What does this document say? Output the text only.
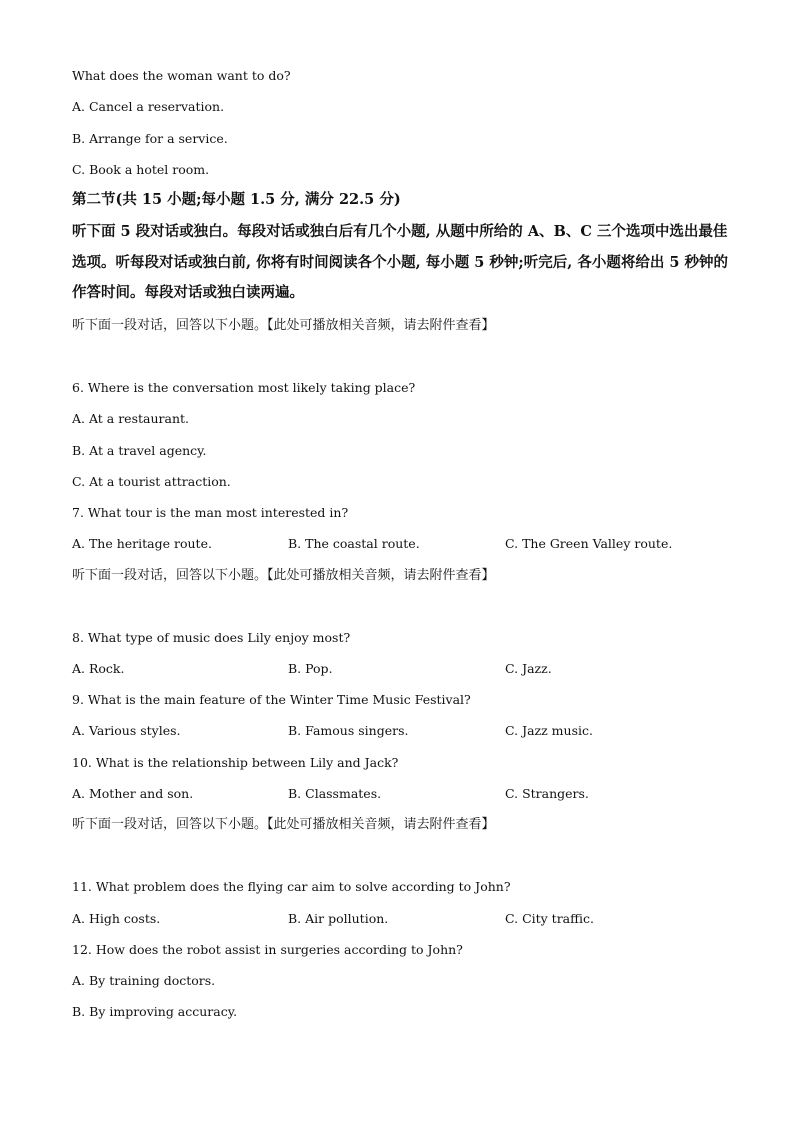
What does the woman want to do?
A. Cancel a reservation.
B. Arrange for a service.
C. Book a hotel room.
第二节(共 15 小题;每小题 1.5 分, 满分 22.5 分)
听下面 5 段对话或独白。每段对话或独白后有几个小题, 从题中所给的 A、B、C 三个选项中选出最佳选项。听每段对话或独白前, 你将有时间阅读各个小题, 每小题 5 秒钟;听完后, 各小题将给出 5 秒钟的作答时间。每段对话或独白读两遍。
听下面一段对话，回答以下小题。【此处可播放相关音频，请去附件查看】
6. Where is the conversation most likely taking place?
A. At a restaurant.
B. At a travel agency.
C. At a tourist attraction.
7. What tour is the man most interested in?
A. The heritage route.	B. The coastal route.	C. The Green Valley route.
听下面一段对话，回答以下小题。【此处可播放相关音频，请去附件查看】
8. What type of music does Lily enjoy most?
A. Rock.	B. Pop.	C. Jazz.
9. What is the main feature of the Winter Time Music Festival?
A. Various styles.	B. Famous singers.	C. Jazz music.
10. What is the relationship between Lily and Jack?
A. Mother and son.	B. Classmates.	C. Strangers.
听下面一段对话，回答以下小题。【此处可播放相关音频，请去附件查看】
11. What problem does the flying car aim to solve according to John?
A. High costs.	B. Air pollution.	C. City traffic.
12. How does the robot assist in surgeries according to John?
A. By training doctors.
B. By improving accuracy.
